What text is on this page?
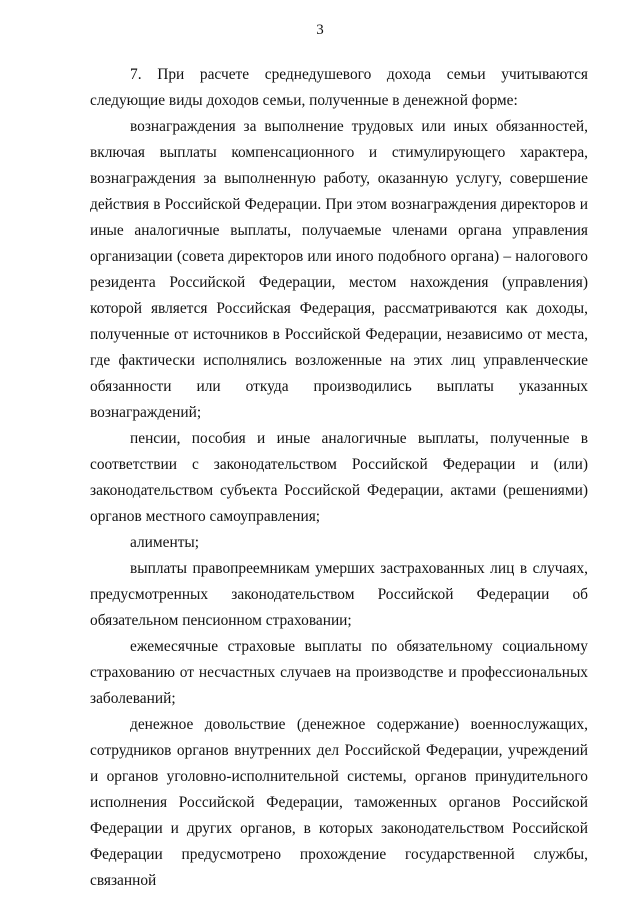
3

7. При расчете среднедушевого дохода семьи учитываются следующие виды доходов семьи, полученные в денежной форме:

вознаграждения за выполнение трудовых или иных обязанностей, включая выплаты компенсационного и стимулирующего характера, вознаграждения за выполненную работу, оказанную услугу, совершение действия в Российской Федерации. При этом вознаграждения директоров и иные аналогичные выплаты, получаемые членами органа управления организации (совета директоров или иного подобного органа) – налогового резидента Российской Федерации, местом нахождения (управления) которой является Российская Федерация, рассматриваются как доходы, полученные от источников в Российской Федерации, независимо от места, где фактически исполнялись возложенные на этих лиц управленческие обязанности или откуда производились выплаты указанных вознаграждений;

пенсии, пособия и иные аналогичные выплаты, полученные в соответствии с законодательством Российской Федерации и (или) законодательством субъекта Российской Федерации, актами (решениями) органов местного самоуправления;

алименты;

выплаты правопреемникам умерших застрахованных лиц в случаях, предусмотренных законодательством Российской Федерации об обязательном пенсионном страховании;

ежемесячные страховые выплаты по обязательному социальному страхованию от несчастных случаев на производстве и профессиональных заболеваний;

денежное довольствие (денежное содержание) военнослужащих, сотрудников органов внутренних дел Российской Федерации, учреждений и органов уголовно-исполнительной системы, органов принудительного исполнения Российской Федерации, таможенных органов Российской Федерации и других органов, в которых законодательством Российской Федерации предусмотрено прохождение государственной службы, связанной
